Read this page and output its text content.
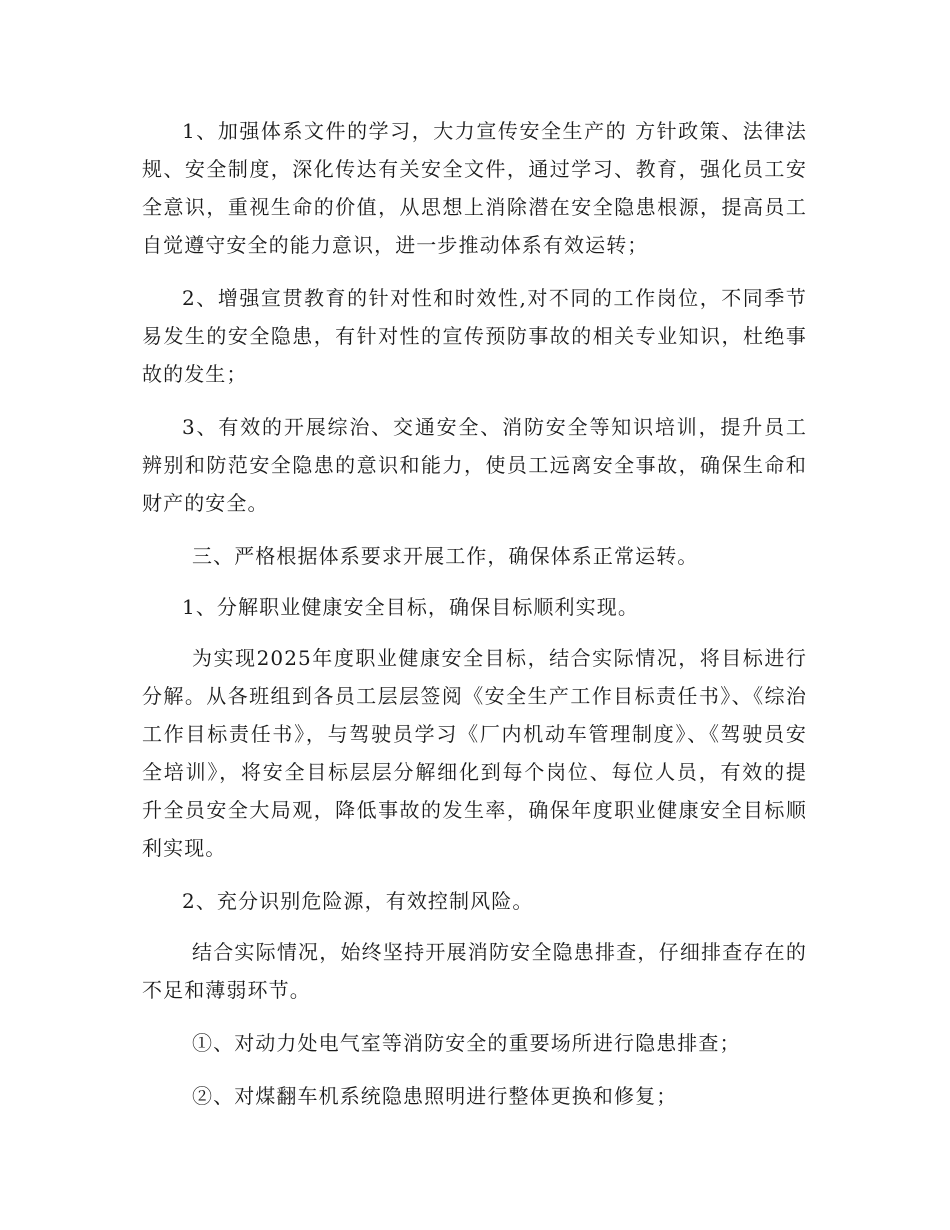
1、加强体系文件的学习，大力宣传安全生产的 方针政策、法律法规、安全制度，深化传达有关安全文件，通过学习、教育，强化员工安全意识，重视生命的价值，从思想上消除潜在安全隐患根源，提高员工自觉遵守安全的能力意识，进一步推动体系有效运转；

2、增强宣贯教育的针对性和时效性,对不同的工作岗位，不同季节易发生的安全隐患，有针对性的宣传预防事故的相关专业知识，杜绝事故的发生；

3、有效的开展综治、交通安全、消防安全等知识培训，提升员工辨别和防范安全隐患的意识和能力，使员工远离安全事故，确保生命和财产的安全。

三、严格根据体系要求开展工作，确保体系正常运转。

1、分解职业健康安全目标，确保目标顺利实现。

为实现2025年度职业健康安全目标，结合实际情况，将目标进行分解。从各班组到各员工层层签阅《安全生产工作目标责任书》、《综治工作目标责任书》，与驾驶员学习《厂内机动车管理制度》、《驾驶员安全培训》，将安全目标层层分解细化到每个岗位、每位人员，有效的提升全员安全大局观，降低事故的发生率，确保年度职业健康安全目标顺利实现。

2、充分识别危险源，有效控制风险。

结合实际情况，始终坚持开展消防安全隐患排查，仔细排查存在的不足和薄弱环节。

①、对动力处电气室等消防安全的重要场所进行隐患排查；

②、对煤翻车机系统隐患照明进行整体更换和修复；
